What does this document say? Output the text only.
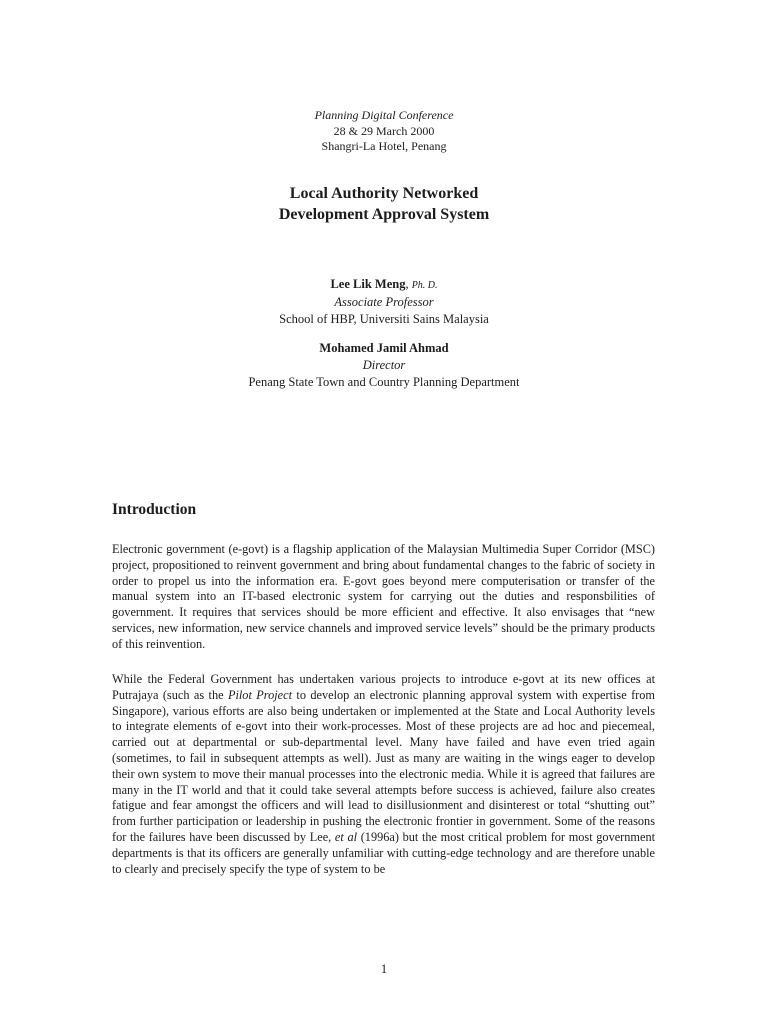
Planning Digital Conference
28 & 29 March 2000
Shangri-La Hotel, Penang
Local Authority Networked
Development Approval System
Lee Lik Meng, Ph. D.
Associate Professor
School of HBP, Universiti Sains Malaysia
Mohamed Jamil Ahmad
Director
Penang State Town and Country Planning Department
Introduction

Electronic government (e-govt) is a flagship application of the Malaysian Multimedia Super Corridor (MSC) project, propositioned to reinvent government and bring about fundamental changes to the fabric of society in order to propel us into the information era. E-govt goes beyond mere computerisation or transfer of the manual system into an IT-based electronic system for carrying out the duties and responsbilities of government. It requires that services should be more efficient and effective. It also envisages that “new services, new information, new service channels and improved service levels” should be the primary products of this reinvention.

While the Federal Government has undertaken various projects to introduce e-govt at its new offices at Putrajaya (such as the Pilot Project to develop an electronic planning approval system with expertise from Singapore), various efforts are also being undertaken or implemented at the State and Local Authority levels to integrate elements of e-govt into their work-processes. Most of these projects are ad hoc and piecemeal, carried out at departmental or sub-departmental level. Many have failed and have even tried again (sometimes, to fail in subsequent attempts as well). Just as many are waiting in the wings eager to develop their own system to move their manual processes into the electronic media. While it is agreed that failures are many in the IT world and that it could take several attempts before success is achieved, failure also creates fatigue and fear amongst the officers and will lead to disillusionment and disinterest or total “shutting out” from further participation or leadership in pushing the electronic frontier in government. Some of the reasons for the failures have been discussed by Lee, et al (1996a) but the most critical problem for most government departments is that its officers are generally unfamiliar with cutting-edge technology and are therefore unable to clearly and precisely specify the type of system to be

1
